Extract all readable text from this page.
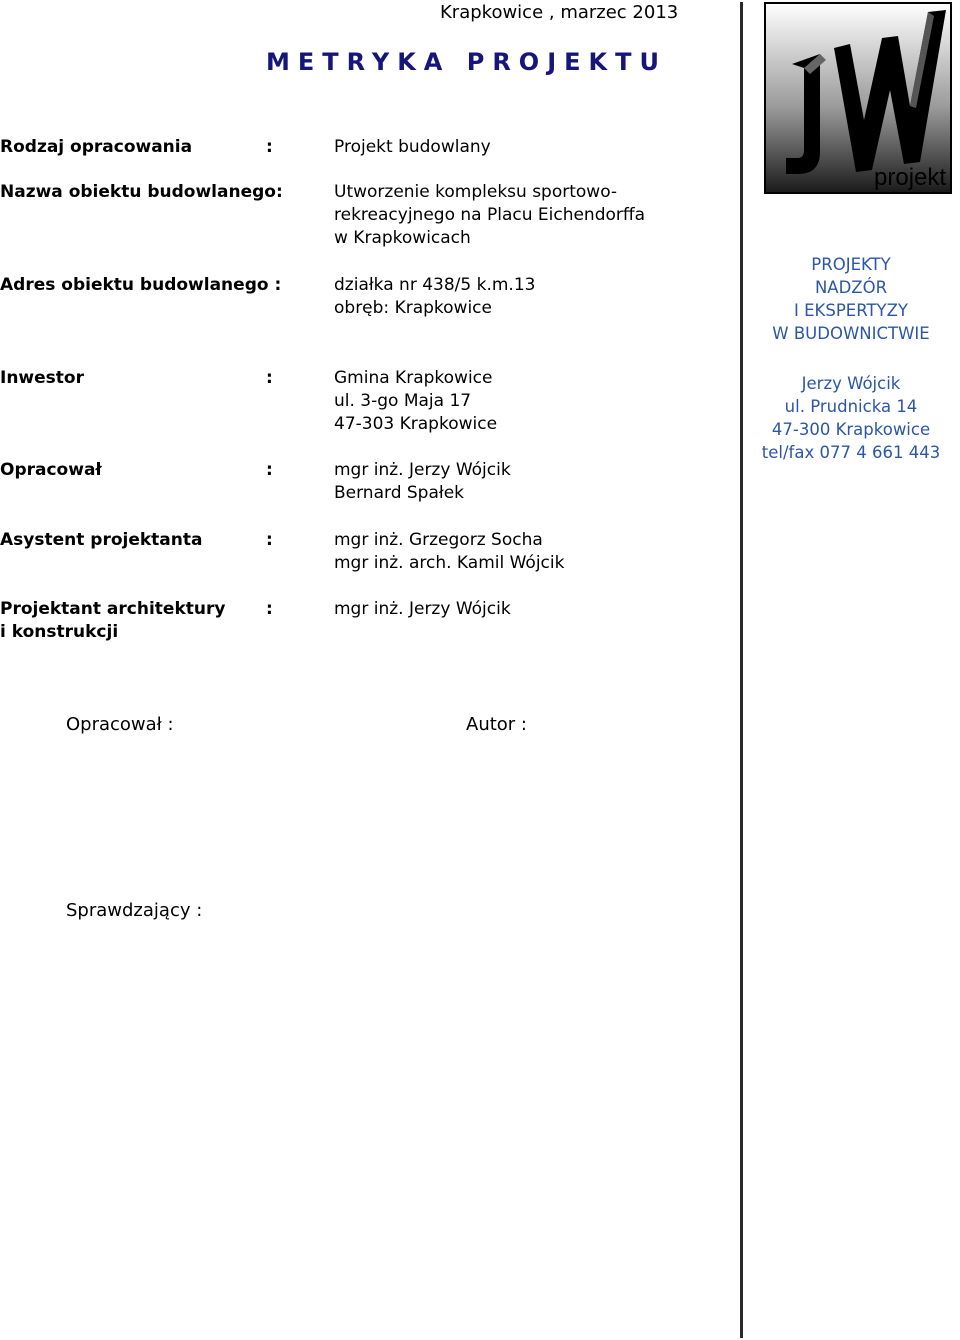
Krapkowice , marzec 2013
METRYKA PROJEKTU
Rodzaj opracowania	:	Projekt budowlany
Nazwa obiektu budowlanego:	Utworzenie kompleksu sportowo-
rekreacyjnego na Placu Eichendorffa
w Krapkowicach
Adres obiektu budowlanego :	działka nr 438/5 k.m.13
obręb: Krapkowice
Inwestor	:	Gmina Krapkowice
ul. 3-go Maja 17
47-303 Krapkowice
Opracował	:	mgr inż. Jerzy Wójcik
Bernard Spałek
Asystent projektanta	:	mgr inż. Grzegorz Socha
mgr inż. arch. Kamil Wójcik
Projektant architektury
i konstrukcji
:	mgr inż. Jerzy Wójcik
Opracował :	Autor :
Sprawdzający :
projekt
PROJEKTY
NADZÓR
I EKSPERTYZY
W BUDOWNICTWIE
Jerzy Wójcik
ul. Prudnicka 14
47-300 Krapkowice
tel/fax 077 4 661 443
